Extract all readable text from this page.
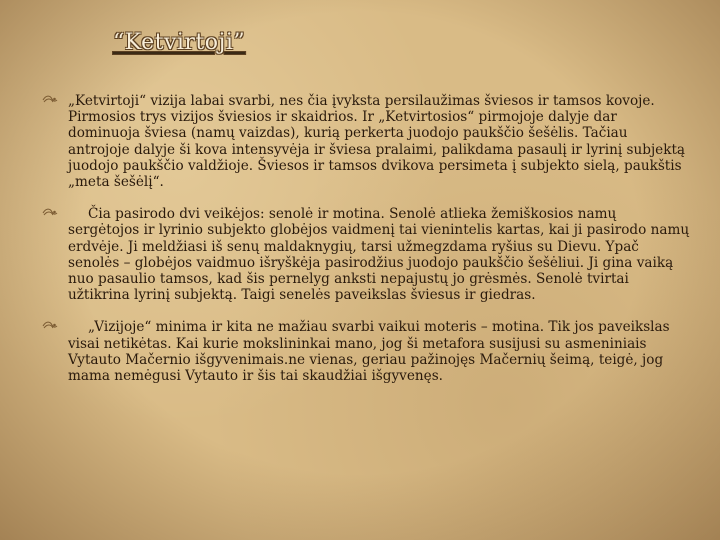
“Ketvirtoji”

„Ketvirtoji“ vizija labai svarbi, nes čia įvyksta persilaužimas šviesos ir tamsos kovoje. Pirmosios trys vizijos šviesios ir skaidrios. Ir „Ketvirtosios“ pirmojoje dalyje dar dominuoja šviesa (namų vaizdas), kurią perkerta juodojo paukščio šešėlis. Tačiau antrojoje dalyje ši kova intensyvėja ir šviesa pralaimi, palikdama pasaulį ir lyrinį subjektą juodojo paukščio valdžioje. Šviesos ir tamsos dvikova persimeta į subjekto sielą, paukštis „meta šešėlį“.

Čia pasirodo dvi veikėjos: senolė ir motina. Senolė atlieka žemiškosios namų sergėtojos ir lyrinio subjekto globėjos vaidmenį tai vienintelis kartas, kai ji pasirodo namų erdvėje. Ji meldžiasi iš senų maldaknygių, tarsi užmegzdama ryšius su Dievu. Ypač senolės – globėjos vaidmuo išryškėja pasirodžius juodojo paukščio šešėliui. Ji gina vaiką nuo pasaulio tamsos, kad šis pernelyg anksti nepajustų jo grėsmės. Senolė tvirtai užtikrina lyrinį subjektą. Taigi senelės paveikslas šviesus ir giedras.

„Vizijoje“ minima ir kita ne mažiau svarbi vaikui moteris – motina. Tik jos paveikslas visai netikėtas. Kai kurie mokslininkai mano, jog ši metafora susijusi su asmeniniais Vytauto Mačernio išgyvenimais.ne vienas, geriau pažinojęs Mačernių šeimą, teigė, jog mama nemėgusi Vytauto ir šis tai skaudžiai išgyvenęs.
